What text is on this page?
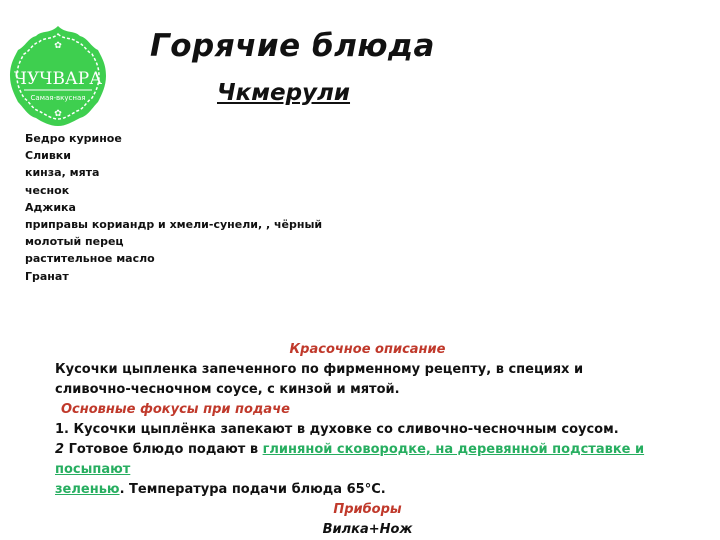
✿
ЧУЧВАРА
Самая-вкусная
✿
Горячие блюда
Чкмерули
Бедро куриное
Сливки
кинза, мята
чеснок
Аджика
приправы кориандр и хмели-сунели, , чёрный
молотый перец
растительное масло
Гранат

Красочное описание

Кусочки цыпленка запеченного по фирменному рецепту, в специях и

сливочно-чесночном соусе, с кинзой и мятой.

Основные фокусы при подаче

1. Кусочки цыплёнка запекают в духовке со сливочно-чесночным соусом.

2 Готовое блюдо подают в глиняной сковородке, на деревянной подставке и посыпают
зеленью. Температура подачи блюда 65°С.

Приборы

Вилка+Нож
